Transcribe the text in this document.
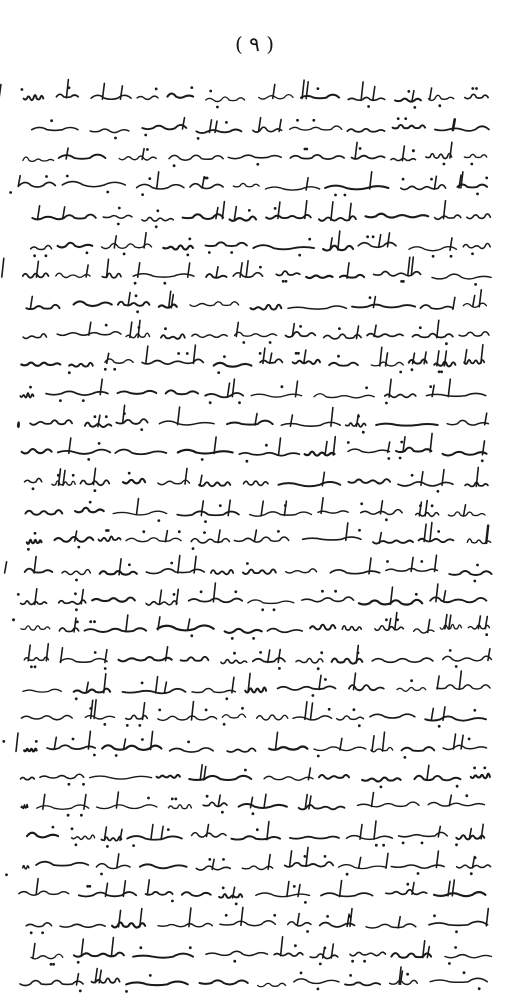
( ٩ )
